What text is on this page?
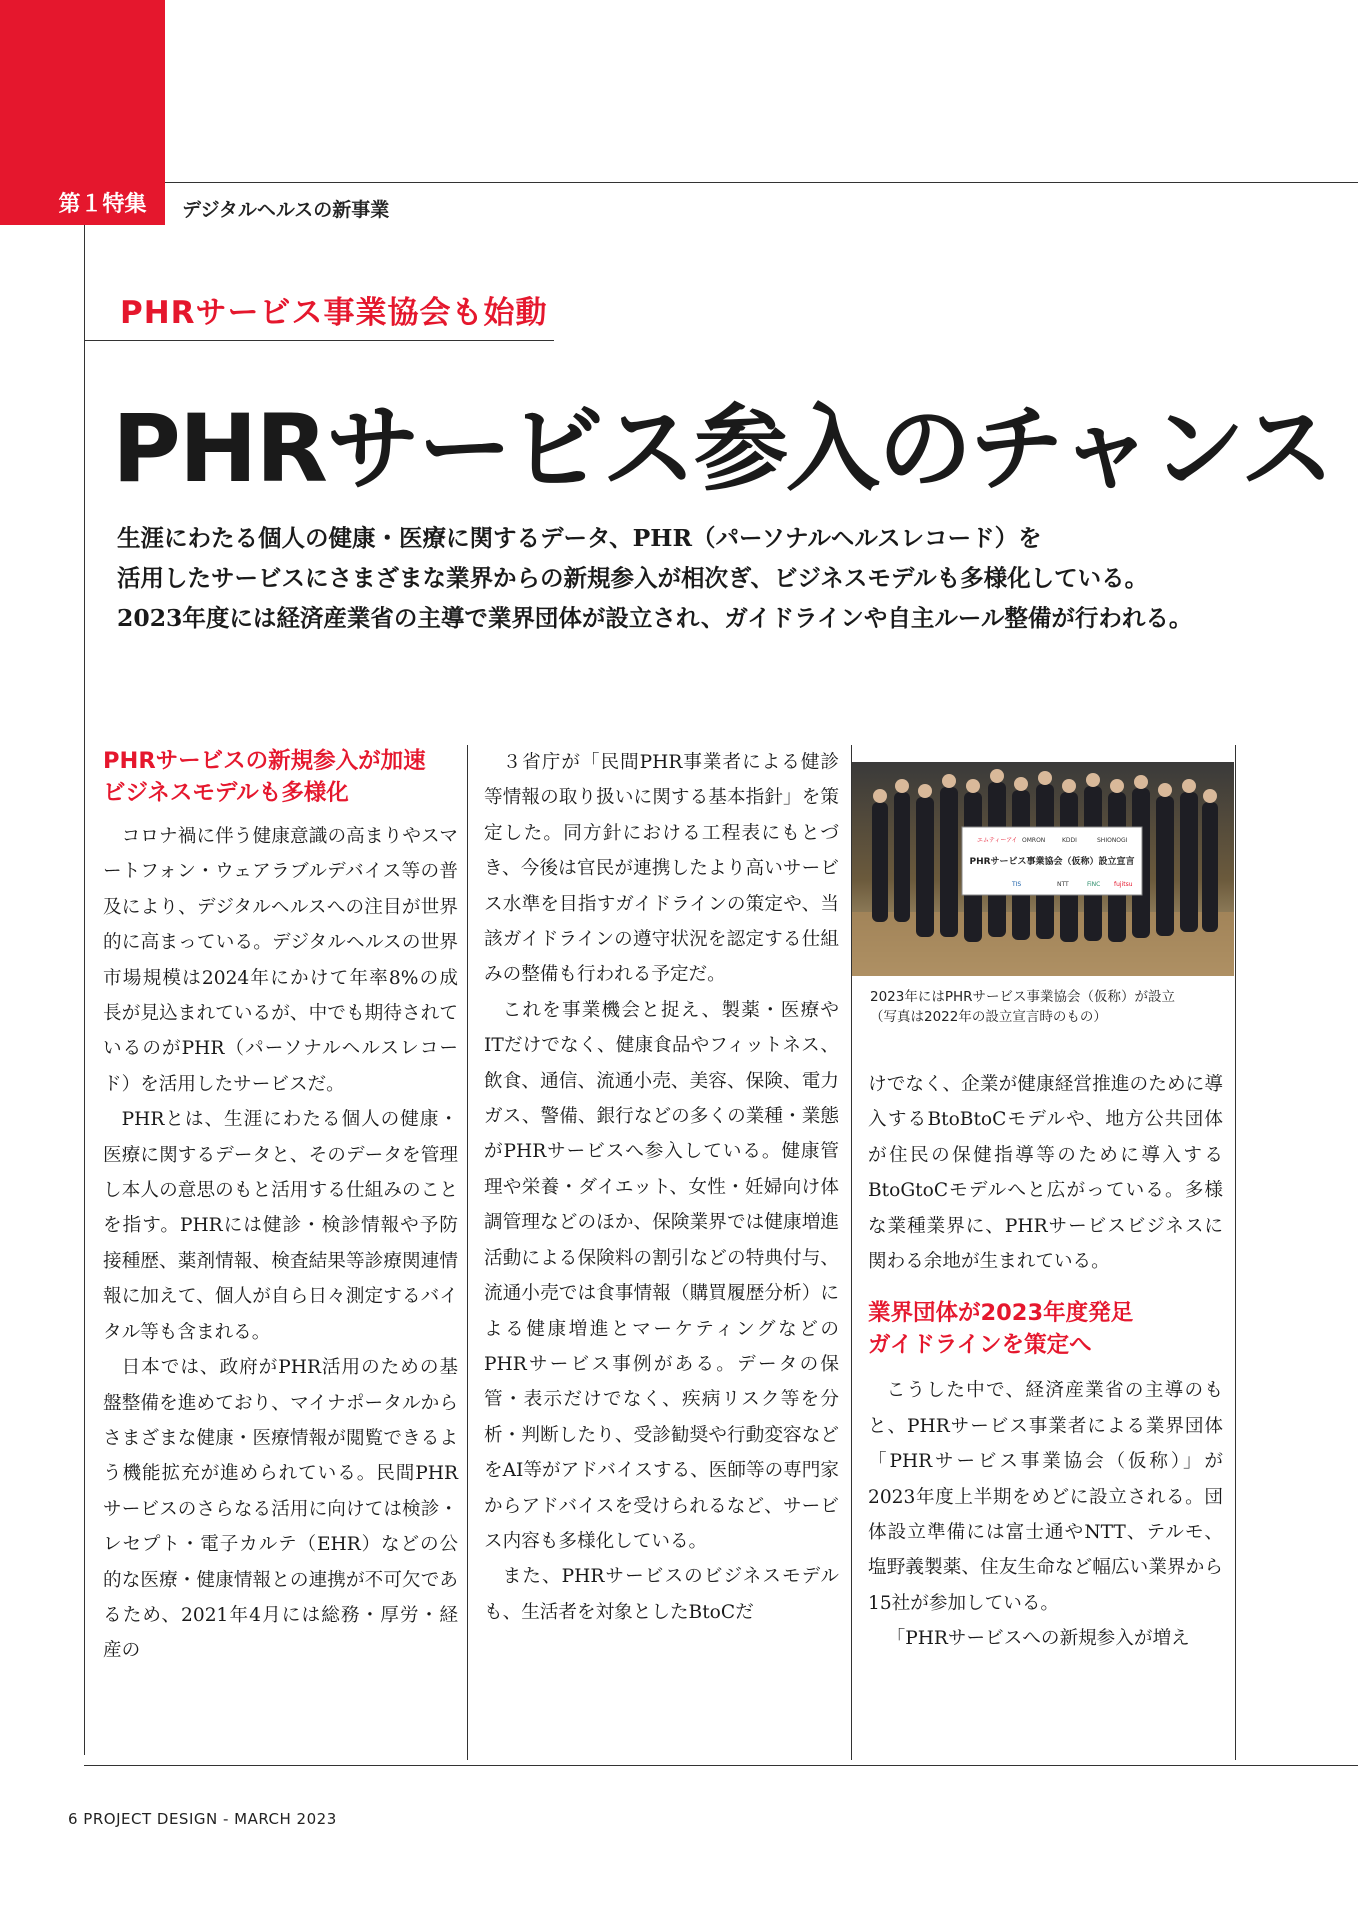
第１特集	デジタルヘルスの新事業
PHRサービス事業協会も始動
PHRサービス参入のチャンス
生涯にわたる個人の健康・医療に関するデータ、PHR（パーソナルヘルスレコード）を
活用したサービスにさまざまな業界からの新規参入が相次ぎ、ビジネスモデルも多様化している。
2023年度には経済産業省の主導で業界団体が設立され、ガイドラインや自主ルール整備が行われる。
PHRサービスの新規参入が加速
ビジネスモデルも多様化

コロナ禍に伴う健康意識の高まりやスマートフォン・ウェアラブルデバイス等の普及により、デジタルヘルスへの注目が世界的に高まっている。デジタルヘルスの世界市場規模は2024年にかけて年率8%の成長が見込まれているが、中でも期待されているのがPHR（パーソナルヘルスレコード）を活用したサービスだ。

PHRとは、生涯にわたる個人の健康・医療に関するデータと、そのデータを管理し本人の意思のもと活用する仕組みのことを指す。PHRには健診・検診情報や予防接種歴、薬剤情報、検査結果等診療関連情報に加えて、個人が自ら日々測定するバイタル等も含まれる。

日本では、政府がPHR活用のための基盤整備を進めており、マイナポータルからさまざまな健康・医療情報が閲覧できるよう機能拡充が進められている。民間PHRサービスのさらなる活用に向けては検診・レセプト・電子カルテ（EHR）などの公的な医療・健康情報との連携が不可欠であるため、2021年4月には総務・厚労・経産の

３省庁が「民間PHR事業者による健診等情報の取り扱いに関する基本指針」を策定した。同方針における工程表にもとづき、今後は官民が連携したより高いサービス水準を目指すガイドラインの策定や、当該ガイドラインの遵守状況を認定する仕組みの整備も行われる予定だ。

これを事業機会と捉え、製薬・医療やITだけでなく、健康食品やフィットネス、飲食、通信、流通小売、美容、保険、電力ガス、警備、銀行などの多くの業種・業態がPHRサービスへ参入している。健康管理や栄養・ダイエット、女性・妊婦向け体調管理などのほか、保険業界では健康増進活動による保険料の割引などの特典付与、流通小売では食事情報（購買履歴分析）による健康増進とマーケティングなどのPHRサービス事例がある。データの保管・表示だけでなく、疾病リスク等を分析・判断したり、受診勧奨や行動変容などをAI等がアドバイスする、医師等の専門家からアドバイスを受けられるなど、サービス内容も多様化している。

また、PHRサービスのビジネスモデルも、生活者を対象としたBtoCだ

エムティーアイ OMRON	KDDI	SHIONOGI
PHRサービス事業協会（仮称）設立宣言
TIS	NTT	FiNC fujitsu
2023年にはPHRサービス事業協会（仮称）が設立
（写真は2022年の設立宣言時のもの）

けでなく、企業が健康経営推進のために導入するBtoBtoCモデルや、地方公共団体が住民の保健指導等のために導入するBtoGtoCモデルへと広がっている。多様な業種業界に、PHRサービスビジネスに関わる余地が生まれている。

業界団体が2023年度発足
ガイドラインを策定へ

こうした中で、経済産業省の主導のもと、PHRサービス事業者による業界団体「PHRサービス事業協会（仮称）」が2023年度上半期をめどに設立される。団体設立準備には富士通やNTT、テルモ、塩野義製薬、住友生命など幅広い業界から15社が参加している。

「PHRサービスへの新規参入が増え

6 PROJECT DESIGN - MARCH 2023
